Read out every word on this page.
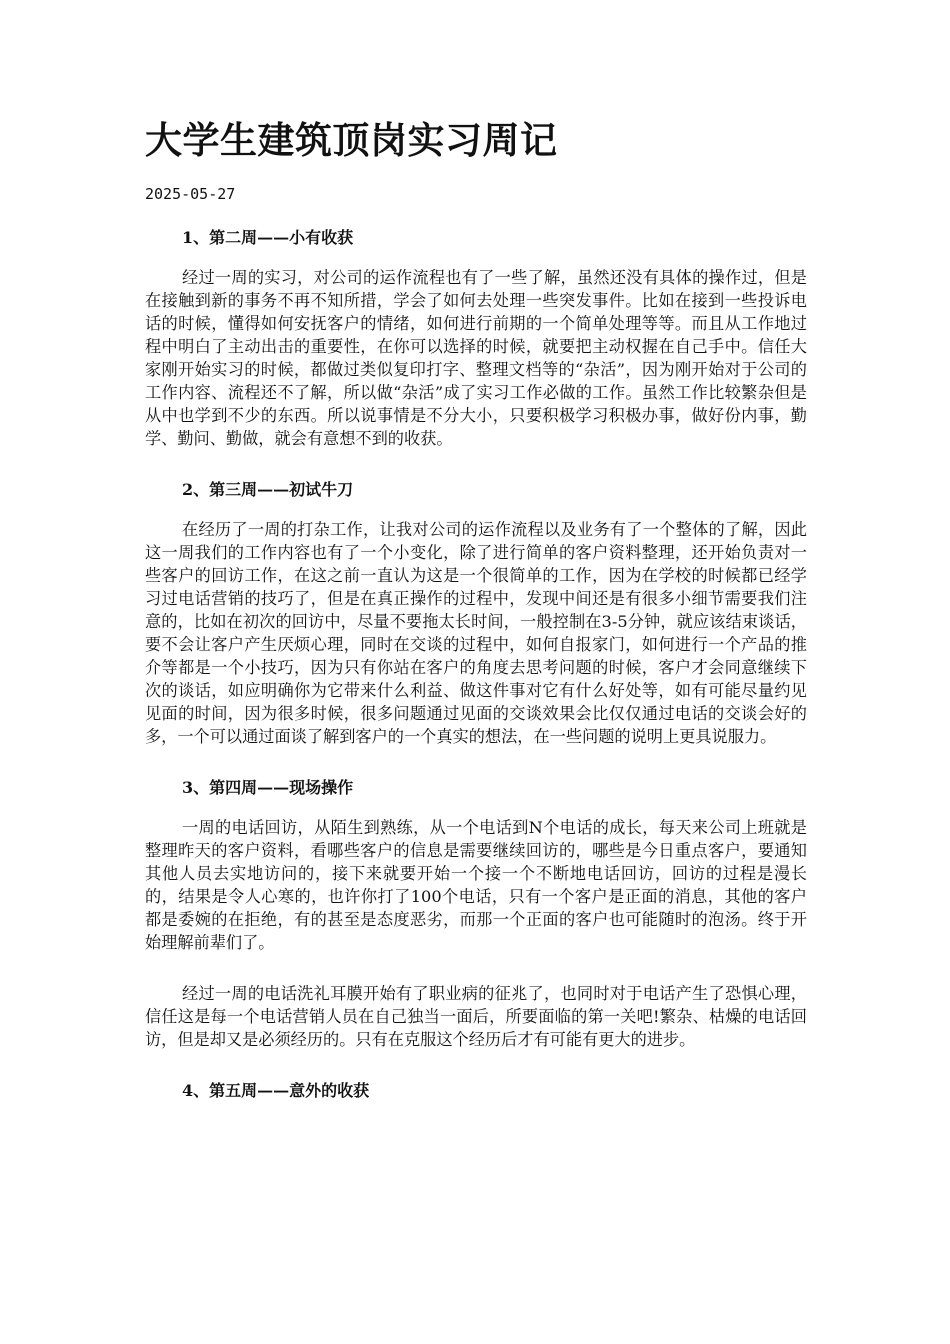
大学生建筑顶岗实习周记
2025-05-27
1、第二周——小有收获

经过一周的实习，对公司的运作流程也有了一些了解，虽然还没有具体的操作过，但是在接触到新的事务不再不知所措，学会了如何去处理一些突发事件。比如在接到一些投诉电话的时候，懂得如何安抚客户的情绪，如何进行前期的一个简单处理等等。而且从工作地过程中明白了主动出击的重要性，在你可以选择的时候，就要把主动权握在自己手中。信任大家刚开始实习的时候，都做过类似复印打字、整理文档等的“杂活”，因为刚开始对于公司的工作内容、流程还不了解，所以做“杂活”成了实习工作必做的工作。虽然工作比较繁杂但是从中也学到不少的东西。所以说事情是不分大小，只要积极学习积极办事，做好份内事，勤学、勤问、勤做，就会有意想不到的收获。

2、第三周——初试牛刀

在经历了一周的打杂工作，让我对公司的运作流程以及业务有了一个整体的了解，因此这一周我们的工作内容也有了一个小变化，除了进行简单的客户资料整理，还开始负责对一些客户的回访工作，在这之前一直认为这是一个很简单的工作，因为在学校的时候都已经学习过电话营销的技巧了，但是在真正操作的过程中，发现中间还是有很多小细节需要我们注意的，比如在初次的回访中，尽量不要拖太长时间，一般控制在3-5分钟，就应该结束谈话，要不会让客户产生厌烦心理，同时在交谈的过程中，如何自报家门，如何进行一个产品的推介等都是一个小技巧，因为只有你站在客户的角度去思考问题的时候，客户才会同意继续下次的谈话，如应明确你为它带来什么利益、做这件事对它有什么好处等，如有可能尽量约见见面的时间，因为很多时候，很多问题通过见面的交谈效果会比仅仅通过电话的交谈会好的多，一个可以通过面谈了解到客户的一个真实的想法，在一些问题的说明上更具说服力。

3、第四周——现场操作

一周的电话回访，从陌生到熟练，从一个电话到N个电话的成长，每天来公司上班就是整理昨天的客户资料，看哪些客户的信息是需要继续回访的，哪些是今日重点客户，要通知其他人员去实地访问的，接下来就要开始一个接一个不断地电话回访，回访的过程是漫长的，结果是令人心寒的，也许你打了100个电话，只有一个客户是正面的消息，其他的客户都是委婉的在拒绝，有的甚至是态度恶劣，而那一个正面的客户也可能随时的泡汤。终于开始理解前辈们了。

经过一周的电话洗礼耳膜开始有了职业病的征兆了，也同时对于电话产生了恐惧心理，信任这是每一个电话营销人员在自己独当一面后，所要面临的第一关吧!繁杂、枯燥的电话回访，但是却又是必须经历的。只有在克服这个经历后才有可能有更大的进步。

4、第五周——意外的收获
